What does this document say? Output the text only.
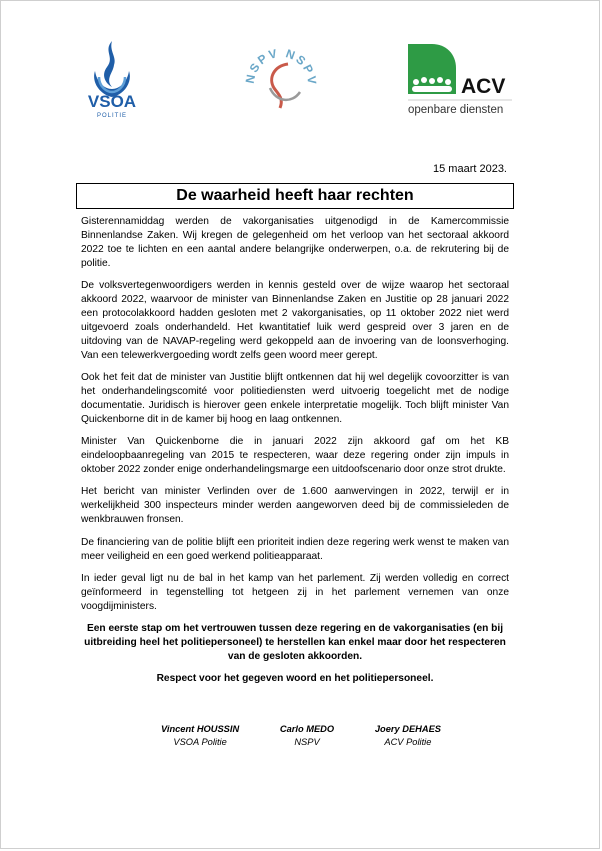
VSOA
POLITIE
NSPV NSPV	ACV
openbare diensten
15 maart 2023.
De waarheid heeft haar rechten

Gisterennamiddag werden de vakorganisaties uitgenodigd in de Kamercommissie Binnenlandse Zaken. Wij kregen de gelegenheid om het verloop van het sectoraal akkoord 2022 toe te lichten en een aantal andere belangrijke onderwerpen, o.a. de rekrutering bij de politie.

De volksvertegenwoordigers werden in kennis gesteld over de wijze waarop het sectoraal akkoord 2022, waarvoor de minister van Binnenlandse Zaken en Justitie op 28 januari 2022 een protocolakkoord hadden gesloten met 2 vakorganisaties, op 11 oktober 2022 niet werd uitgevoerd zoals onderhandeld. Het kwantitatief luik werd gespreid over 3 jaren en de uitdoving van de NAVAP-regeling werd gekoppeld aan de invoering van de loonsverhoging. Van een telewerkvergoeding wordt zelfs geen woord meer gerept.

Ook het feit dat de minister van Justitie blijft ontkennen dat hij wel degelijk covoorzitter is van het onderhandelingscomité voor politiediensten werd uitvoerig toegelicht met de nodige documentatie. Juridisch is hierover geen enkele interpretatie mogelijk. Toch blijft minister Van Quickenborne dit in de kamer bij hoog en laag ontkennen.

Minister Van Quickenborne die in januari 2022 zijn akkoord gaf om het KB eindeloopbaanregeling van 2015 te respecteren, waar deze regering onder zijn impuls in oktober 2022 zonder enige onderhandelingsmarge een uitdoofscenario door onze strot drukte.

Het bericht van minister Verlinden over de 1.600 aanwervingen in 2022, terwijl er in werkelijkheid 300 inspecteurs minder werden aangeworven deed bij de commissieleden de wenkbrauwen fronsen.

De financiering van de politie blijft een prioriteit indien deze regering werk wenst te maken van meer veiligheid en een goed werkend politieapparaat.

In ieder geval ligt nu de bal in het kamp van het parlement. Zij werden volledig en correct geïnformeerd in tegenstelling tot hetgeen zij in het parlement vernemen van onze voogdijministers.

Een eerste stap om het vertrouwen tussen deze regering en de vakorganisaties (en bij uitbreiding heel het politiepersoneel) te herstellen kan enkel maar door het respecteren van de gesloten akkoorden.

Respect voor het gegeven woord en het politiepersoneel.

Vincent HOUSSIN
VSOA Politie
Carlo MEDO
NSPV
Joery DEHAES
ACV Politie
